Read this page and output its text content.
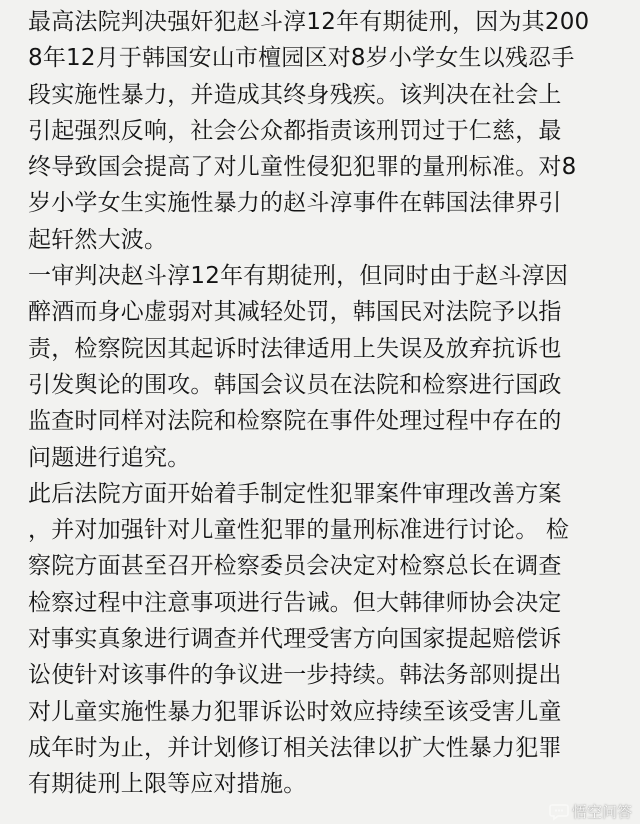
最高法院判决强奸犯赵斗淳12年有期徒刑，因为其200
8年12月于韩国安山市檀园区对8岁小学女生以残忍手
段实施性暴力，并造成其终身残疾。该判决在社会上
引起强烈反响，社会公众都指责该刑罚过于仁慈，最
终导致国会提高了对儿童性侵犯犯罪的量刑标准。对8
岁小学女生实施性暴力的赵斗淳事件在韩国法律界引
起轩然大波。
一审判决赵斗淳12年有期徒刑，但同时由于赵斗淳因
醉酒而身心虚弱对其减轻处罚，韩国民对法院予以指
责，检察院因其起诉时法律适用上失误及放弃抗诉也
引发舆论的围攻。韩国会议员在法院和检察进行国政
监查时同样对法院和检察院在事件处理过程中存在的
问题进行追究。
此后法院方面开始着手制定性犯罪案件审理改善方案
，并对加强针对儿童性犯罪的量刑标准进行讨论。 检
察院方面甚至召开检察委员会决定对检察总长在调查
检察过程中注意事项进行告诫。但大韩律师协会决定
对事实真象进行调查并代理受害方向国家提起赔偿诉
讼使针对该事件的争议进一步持续。韩法务部则提出
对儿童实施性暴力犯罪诉讼时效应持续至该受害儿童
成年时为止，并计划修订相关法律以扩大性暴力犯罪
有期徒刑上限等应对措施。
悟空问答
